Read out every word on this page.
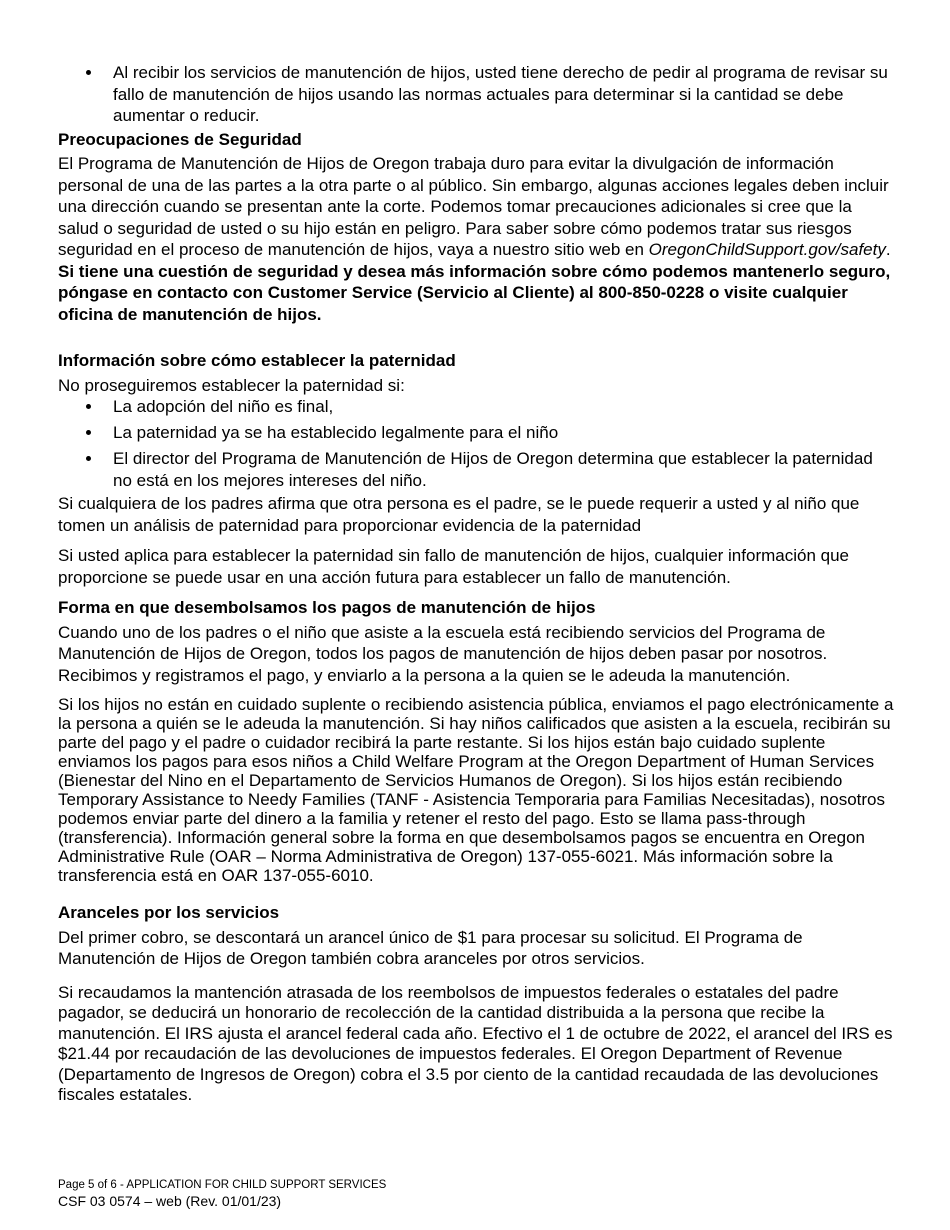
Al recibir los servicios de manutención de hijos, usted tiene derecho de pedir al programa de revisar su fallo de manutención de hijos usando las normas actuales para determinar si la cantidad se debe aumentar o reducir.
Preocupaciones de Seguridad
El Programa de Manutención de Hijos de Oregon trabaja duro para evitar la divulgación de información personal de una de las partes a la otra parte o al público. Sin embargo, algunas acciones legales deben incluir una dirección cuando se presentan ante la corte. Podemos tomar precauciones adicionales si cree que la salud o seguridad de usted o su hijo están en peligro. Para saber sobre cómo podemos tratar sus riesgos seguridad en el proceso de manutención de hijos, vaya a nuestro sitio web en OregonChildSupport.gov/safety. Si tiene una cuestión de seguridad y desea más información sobre cómo podemos mantenerlo seguro, póngase en contacto con Customer Service (Servicio al Cliente) al 800-850-0228 o visite cualquier oficina de manutención de hijos.
Información sobre cómo establecer la paternidad
No proseguiremos establecer la paternidad si:
La adopción del niño es final,
La paternidad ya se ha establecido legalmente para el niño
El director del Programa de Manutención de Hijos de Oregon determina que establecer la paternidad no está en los mejores intereses del niño.
Si cualquiera de los padres afirma que otra persona es el padre, se le puede requerir a usted y al niño que tomen un análisis de paternidad para proporcionar evidencia de la paternidad
Si usted aplica para establecer la paternidad sin fallo de manutención de hijos, cualquier información que proporcione se puede usar en una acción futura para establecer un fallo de manutención.
Forma en que desembolsamos los pagos de manutención de hijos
Cuando uno de los padres o el niño que asiste a la escuela está recibiendo servicios del Programa de Manutención de Hijos de Oregon, todos los pagos de manutención de hijos deben pasar por nosotros. Recibimos y registramos el pago, y enviarlo a la persona a la quien se le adeuda la manutención.
Si los hijos no están en cuidado suplente o recibiendo asistencia pública, enviamos el pago electrónicamente a la persona a quién se le adeuda la manutención. Si hay niños calificados que asisten a la escuela, recibirán su parte del pago y el padre o cuidador recibirá la parte restante. Si los hijos están bajo cuidado suplente enviamos los pagos para esos niños a Child Welfare Program at the Oregon Department of Human Services (Bienestar del Nino en el Departamento de Servicios Humanos de Oregon). Si los hijos están recibiendo Temporary Assistance to Needy Families (TANF - Asistencia Temporaria para Familias Necesitadas), nosotros podemos enviar parte del dinero a la familia y retener el resto del pago. Esto se llama pass-through (transferencia). Información general sobre la forma en que desembolsamos pagos se encuentra en Oregon Administrative Rule (OAR – Norma Administrativa de Oregon) 137-055-6021. Más información sobre la transferencia está en OAR 137-055-6010.
Aranceles por los servicios
Del primer cobro, se descontará un arancel único de $1 para procesar su solicitud. El Programa de Manutención de Hijos de Oregon también cobra aranceles por otros servicios.
Si recaudamos la mantención atrasada de los reembolsos de impuestos federales o estatales del padre pagador, se deducirá un honorario de recolección de la cantidad distribuida a la persona que recibe la manutención. El IRS ajusta el arancel federal cada año. Efectivo el 1 de octubre de 2022, el arancel del IRS es $21.44 por recaudación de las devoluciones de impuestos federales. El Oregon Department of Revenue (Departamento de Ingresos de Oregon) cobra el 3.5 por ciento de la cantidad recaudada de las devoluciones fiscales estatales.
Page 5 of 6 - APPLICATION FOR CHILD SUPPORT SERVICES
CSF 03 0574 – web (Rev. 01/01/23)
